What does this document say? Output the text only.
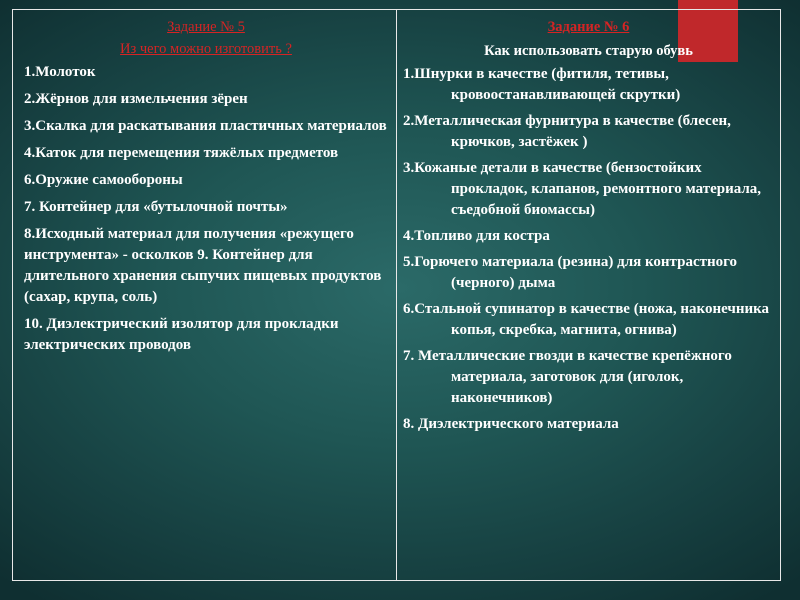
Задание № 5
Из чего можно изготовить ?
1.Молоток
2.Жёрнов для измельчения зёрен
3.Скалка для раскатывания пластичных материалов
4.Каток для перемещения тяжёлых предметов
6.Оружие самообороны
7. Контейнер для «бутылочной почты»
8.Исходный материал для получения «режущего инструмента» - осколков 9. Контейнер для длительного хранения сыпучих пищевых продуктов (сахар, крупа, соль)
10. Диэлектрический изолятор для прокладки электрических проводов
Задание № 6
Как использовать старую обувь
1.Шнурки в качестве (фитиля, тетивы, кровоостанавливающей скрутки)
2.Металлическая фурнитура в качестве (блесен, крючков, застёжек )
3.Кожаные детали в качестве (бензостойких прокладок, клапанов, ремонтного материала, съедобной биомассы)
4.Топливо для костра
5.Горючего материала (резина) для контрастного (черного) дыма
6.Стальной супинатор в качестве (ножа, наконечника копья, скребка, магнита, огнива)
7. Металлические гвозди в качестве крепёжного материала, заготовок для (иголок, наконечников)
8. Диэлектрического материала
